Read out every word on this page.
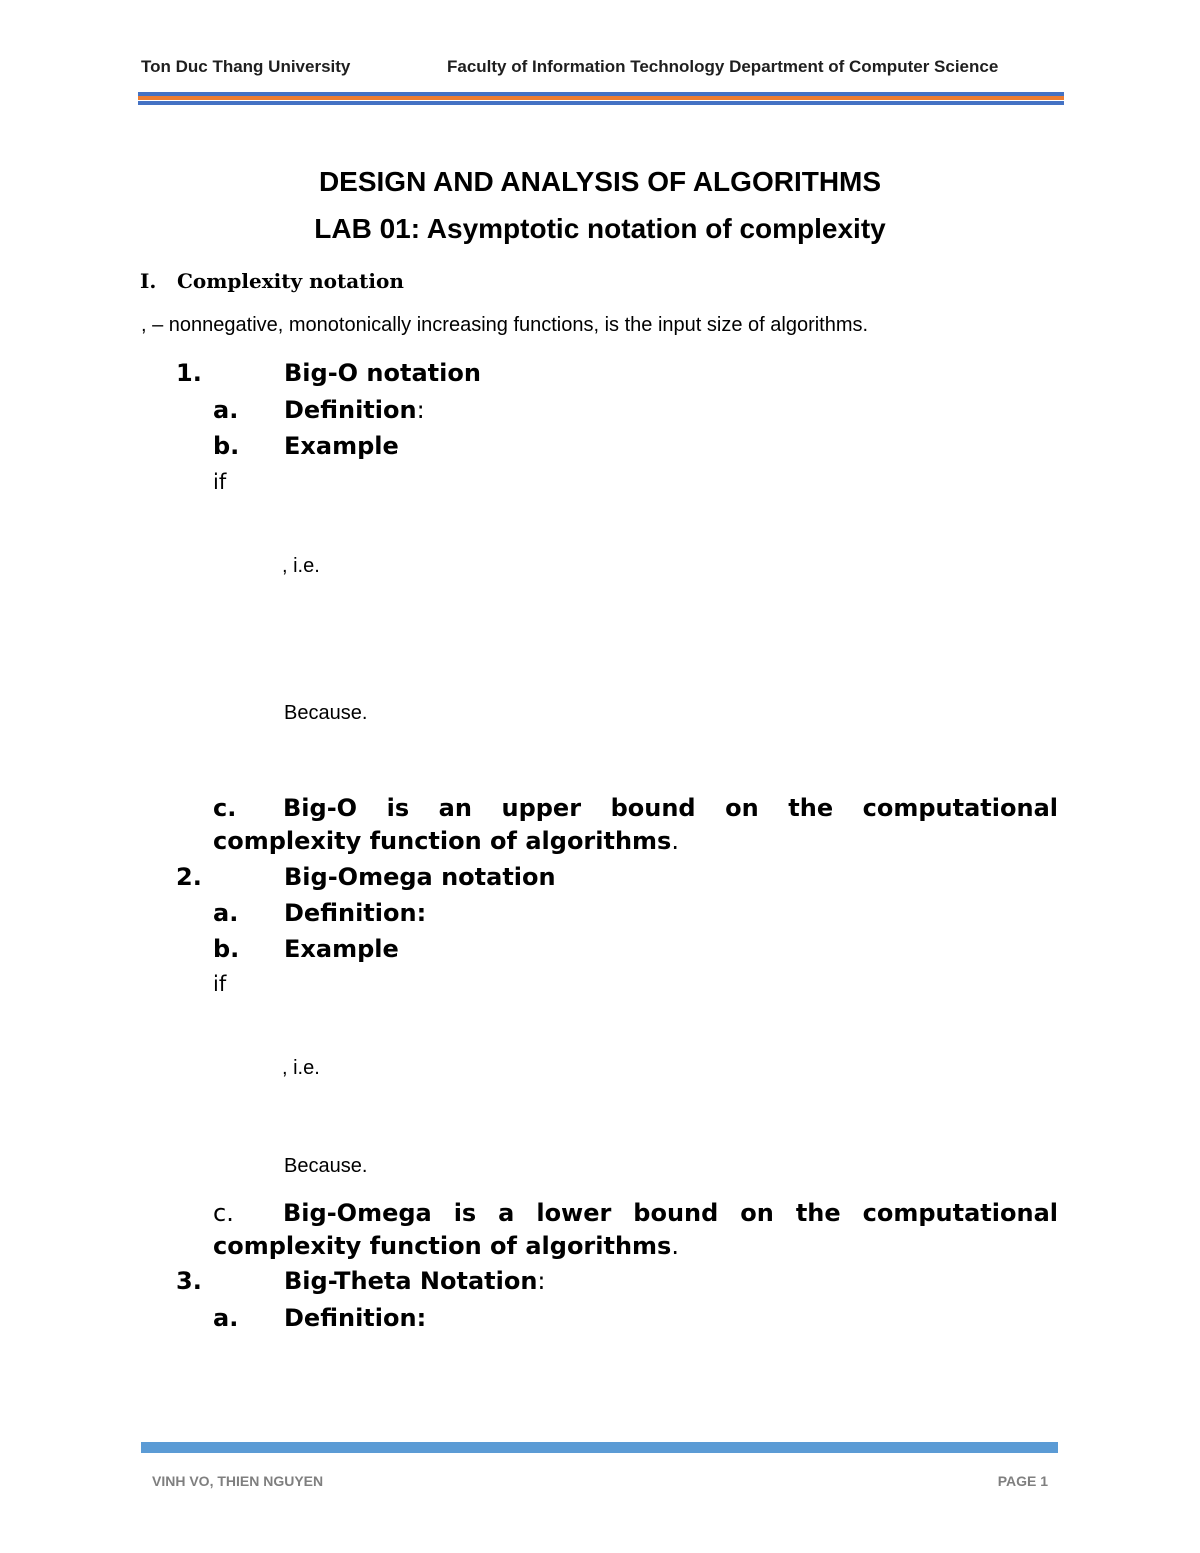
Ton Duc Thang University	Faculty of Information Technology Department of Computer Science
DESIGN AND ANALYSIS OF ALGORITHMS
LAB 01: Asymptotic notation of complexity
I. Complexity notation
, – nonnegative, monotonically increasing functions, is the input size of algorithms.
1.	Big-O notation
a. Definition:
b. Example
if
, i.e.
Because.
c. Big-O is an upper bound on the computational complexity function of algorithms.
2.	Big-Omega notation
a. Definition:
b. Example
if
, i.e.
Because.
c. Big-Omega is a lower bound on the computational complexity function of algorithms.
3.	Big-Theta Notation:
a. Definition:
VINH VO, THIEN NGUYEN	PAGE 1
